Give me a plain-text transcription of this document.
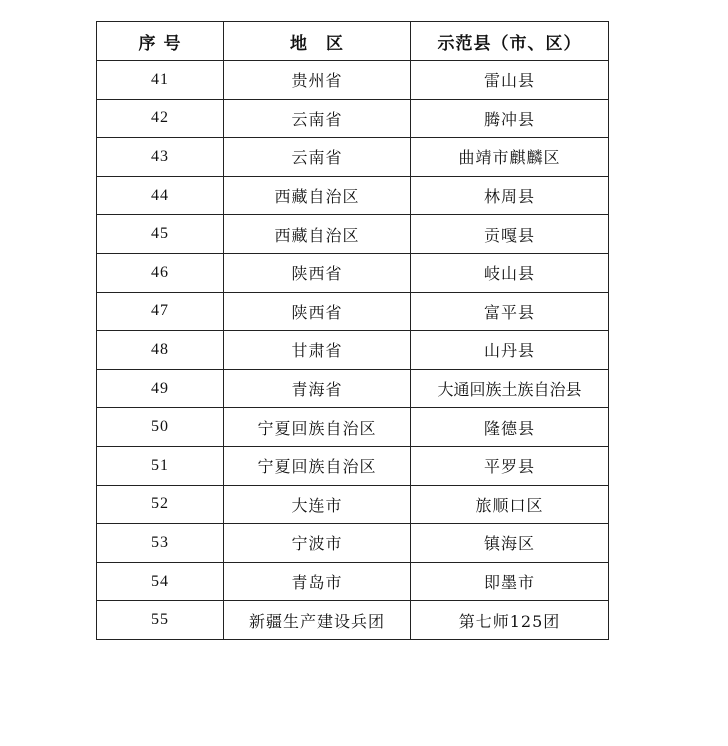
序 号	地　区	示范县（市、区）
41	贵州省	雷山县
42	云南省	腾冲县
43	云南省	曲靖市麒麟区
44	西藏自治区	林周县
45	西藏自治区	贡嘎县
46	陕西省	岐山县
47	陕西省	富平县
48	甘肃省	山丹县
49	青海省	大通回族土族自治县
50	宁夏回族自治区	隆德县
51	宁夏回族自治区	平罗县
52	大连市	旅顺口区
53	宁波市	镇海区
54	青岛市	即墨市
55	新疆生产建设兵团	第七师125团
